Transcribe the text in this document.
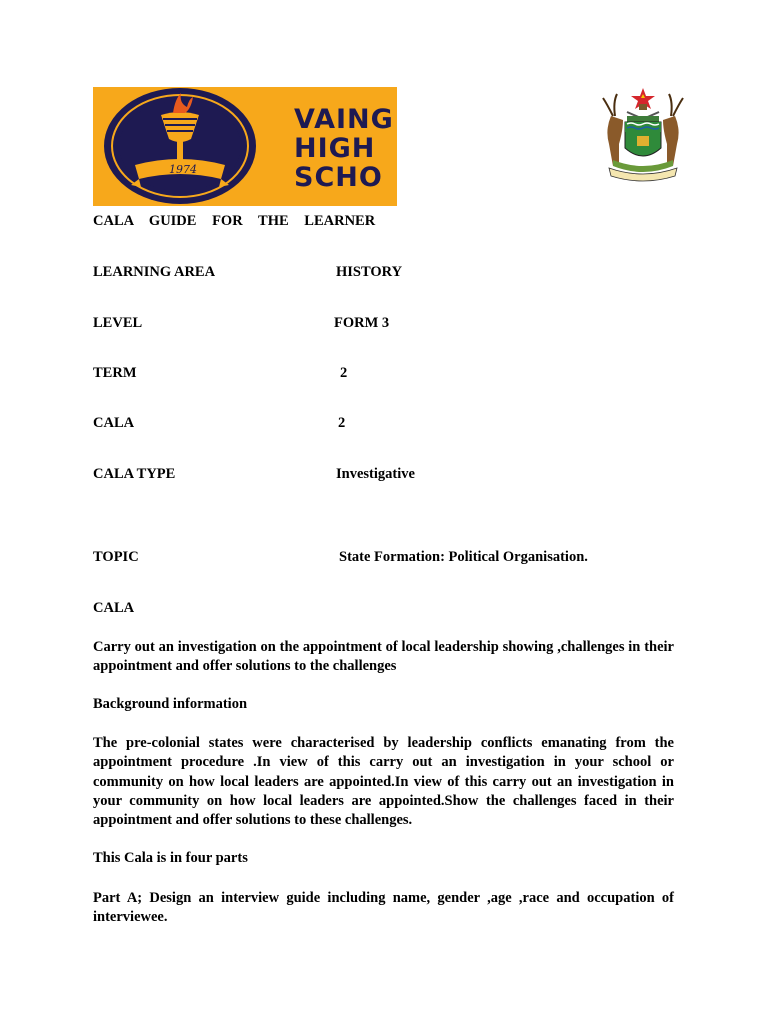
VAING
HIGH
SCHO
1974
CALA GUIDE FOR THE LEARNER
LEARNING AREA	HISTORY
LEVEL	FORM 3
TERM	2
CALA	2
CALA TYPE	Investigative
TOPIC	State Formation: Political Organisation.
CALA
Carry out an investigation on the appointment of local leadership showing ,challenges in their appointment and offer solutions to the challenges
Background information
The pre-colonial states were characterised by leadership conflicts emanating from the appointment procedure .In view of this carry out an investigation in your school or community on how local leaders are appointed.In view of this carry out an investigation in your community on how local leaders are appointed.Show the challenges faced in their appointment and offer solutions to these challenges.
This Cala is in four parts
Part A; Design an interview guide including name, gender ,age ,race and occupation of interviewee.
